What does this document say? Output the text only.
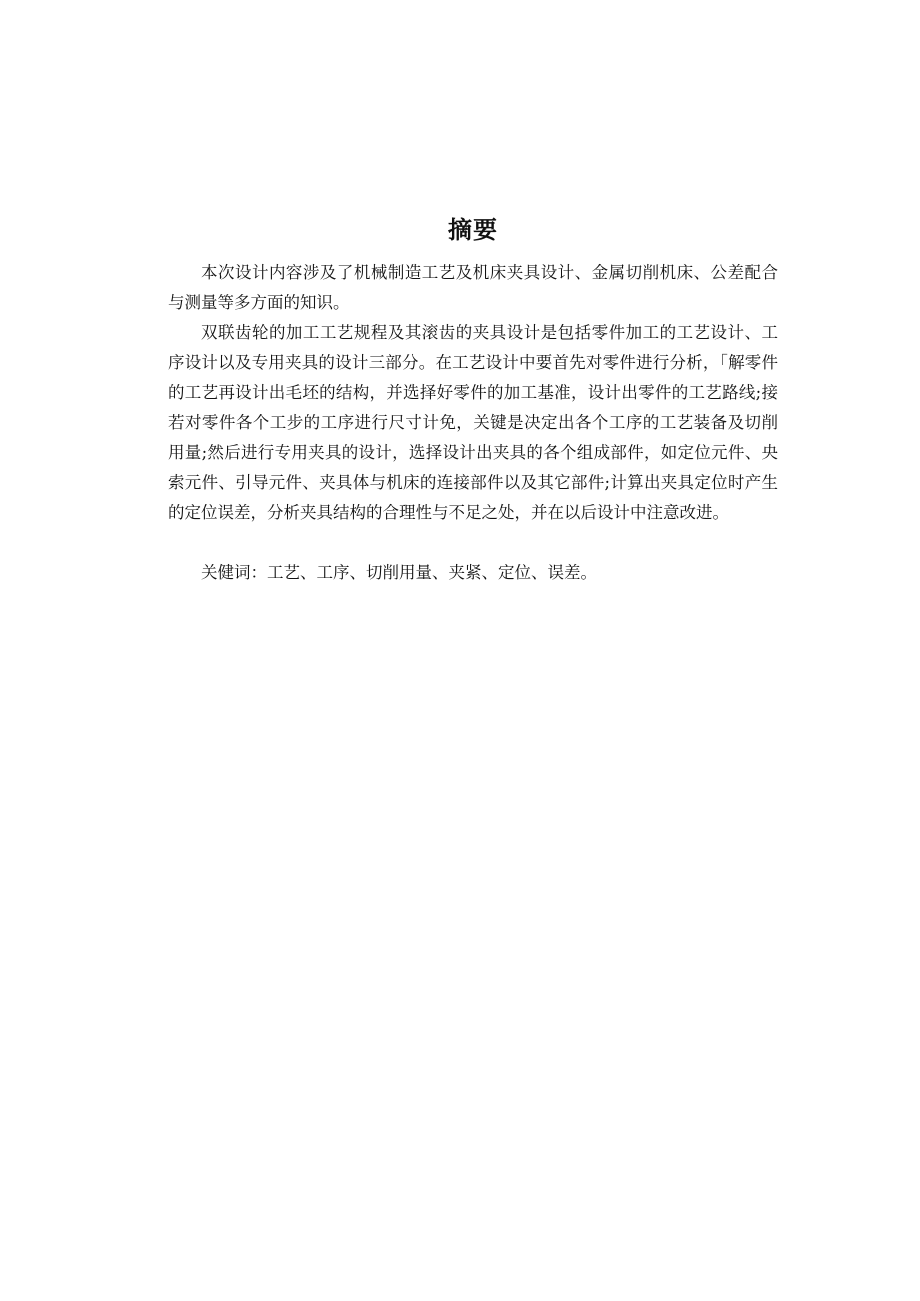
摘要

本次设计内容涉及了机械制造工艺及机床夹具设计、金属切削机床、公差配合与测量等多方面的知识。

双联齿轮的加工工艺规程及其滚齿的夹具设计是包括零件加工的工艺设计、工序设计以及专用夹具的设计三部分。在工艺设计中要首先对零件进行分析，「解零件的工艺再设计出毛坯的结构，并选择好零件的加工基准，设计出零件的工艺路线;接若对零件各个工步的工序进行尺寸计免，关键是决定出各个工序的工艺装备及切削用量;然后进行专用夹具的设计，选择设计出夹具的各个组成部件，如定位元件、央索元件、引导元件、夹具体与机床的连接部件以及其它部件;计算出夹具定位时产生的定位误差，分析夹具结构的合理性与不足之处，并在以后设计中注意改进。

关健词：工艺、工序、切削用量、夹紧、定位、误差。
